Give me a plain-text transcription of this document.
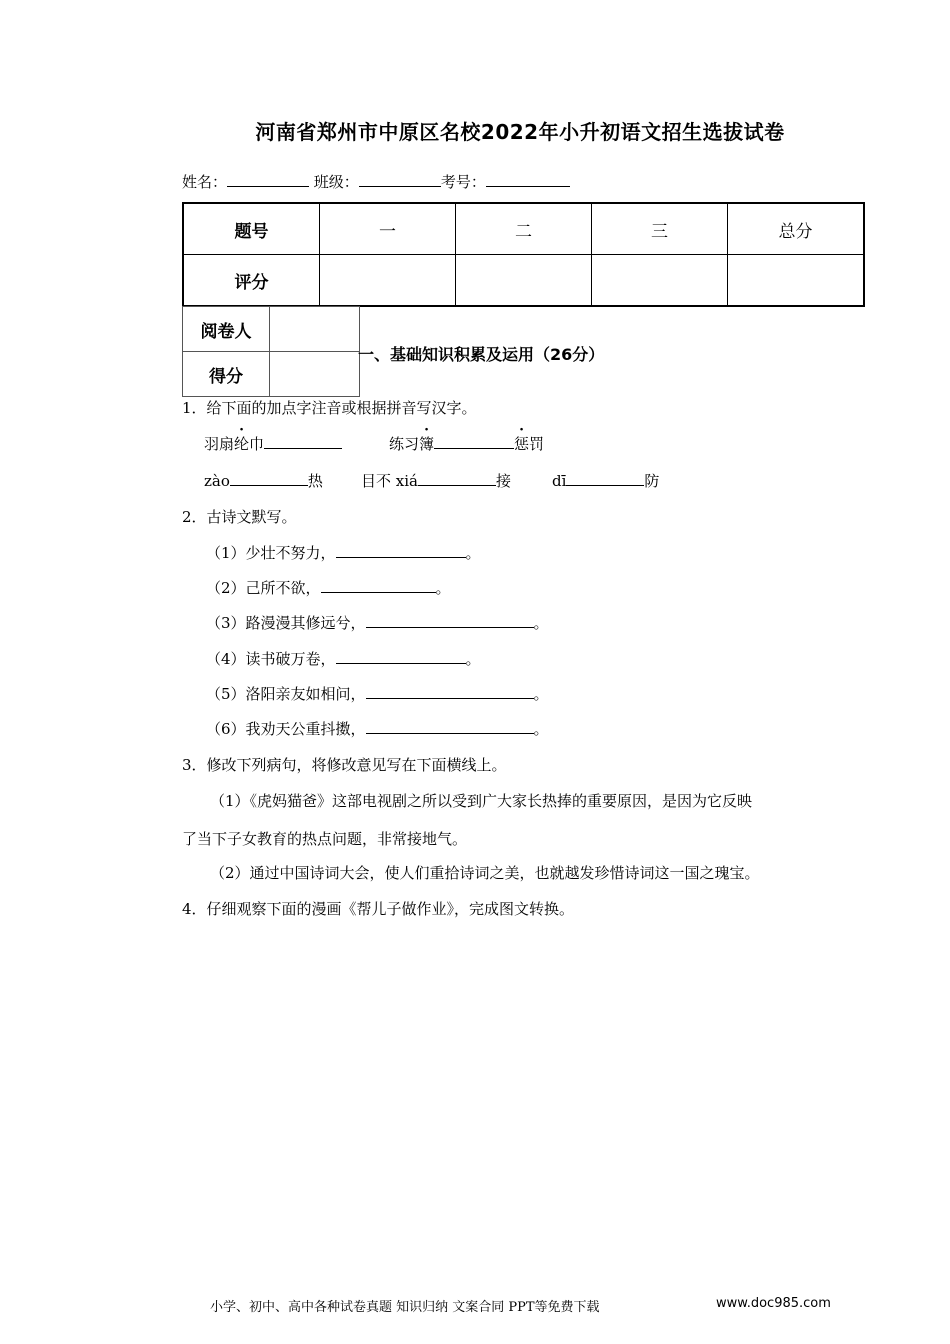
河南省郑州市中原区名校2022年小升初语文招生选拔试卷
姓名：	班级：	考号：
题号	一	二	三	总分
评分				
阅卷人	
得分	
一、基础知识积累及运用（26分）
1．给下面的加点字注音或根据拼音写汉字。
羽扇纶巾	练习簿	惩罚
zào	热	目不 xiá	接	dī	防
2．古诗文默写。
（1）少壮不努力，	。
（2）己所不欲，	。
（3）路漫漫其修远兮，	。
（4）读书破万卷，	。
（5）洛阳亲友如相问，	。
（6）我劝天公重抖擞，	。
3．修改下列病句，将修改意见写在下面横线上。
（1）《虎妈猫爸》这部电视剧之所以受到广大家长热捧的重要原因，是因为它反映
了当下子女教育的热点问题，非常接地气。
（2）通过中国诗词大会，使人们重拾诗词之美，也就越发珍惜诗词这一国之瑰宝。
4．仔细观察下面的漫画《帮儿子做作业》，完成图文转换。
小学、初中、高中各种试卷真题 知识归纳 文案合同 PPT等免费下载	www.doc985.com
